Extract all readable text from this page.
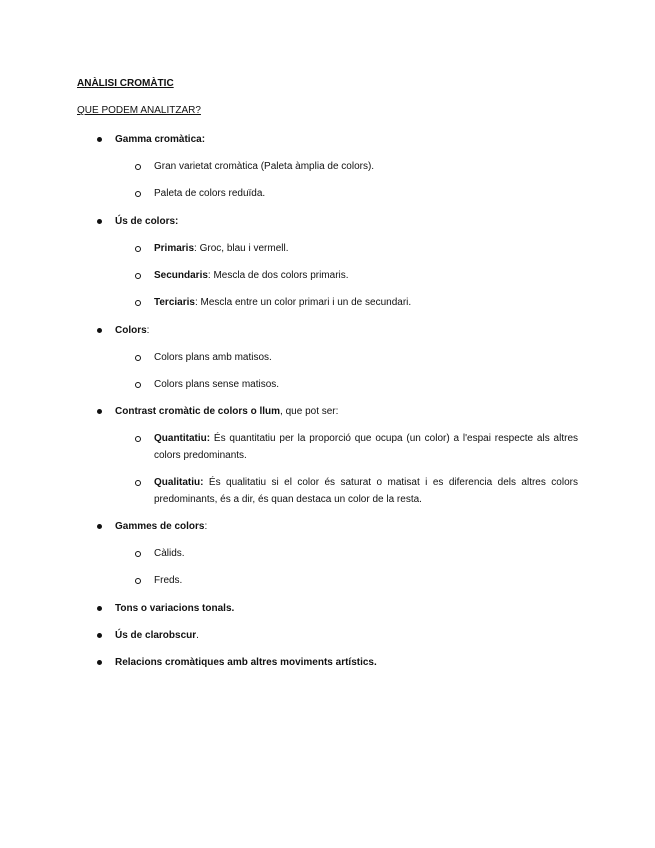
ANÀLISI CROMÀTIC
QUE PODEM ANALITZAR?
Gamma cromàtica:
Gran varietat cromàtica (Paleta àmplia de colors).
Paleta de colors reduïda.
Ús de colors:
Primaris: Groc, blau i vermell.
Secundaris: Mescla de dos colors primaris.
Terciaris: Mescla entre un color primari i un de secundari.
Colors:
Colors plans amb matisos.
Colors plans sense matisos.
Contrast cromàtic de colors o llum, que pot ser:
Quantitatiu: És quantitatiu per la proporció que ocupa (un color) a l'espai respecte als altres colors predominants.
Qualitatiu: És qualitatiu si el color és saturat o matisat i es diferencia dels altres colors predominants, és a dir, és quan destaca un color de la resta.
Gammes de colors:
Càlids.
Freds.
Tons o variacions tonals.
Ús de clarobscur.
Relacions cromàtiques amb altres moviments artístics.
